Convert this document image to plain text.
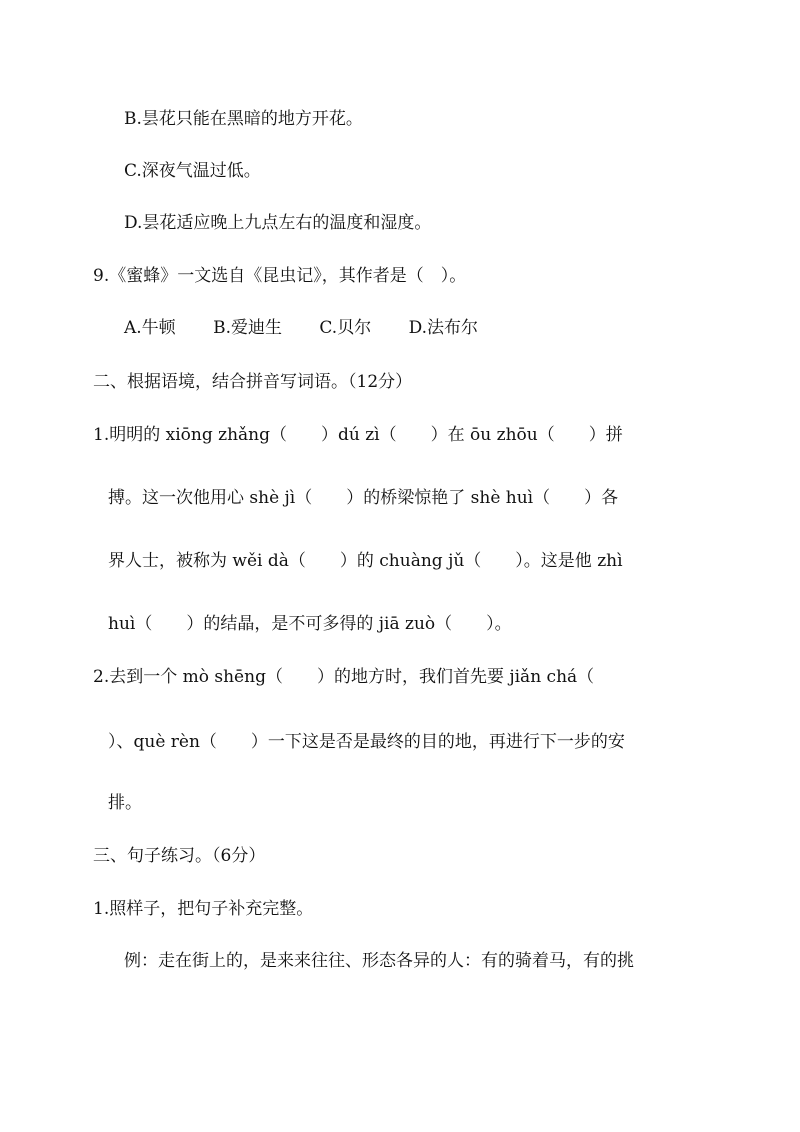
B.昙花只能在黑暗的地方开花。
C.深夜气温过低。
D.昙花适应晚上九点左右的温度和湿度。
9.《蜜蜂》一文选自《昆虫记》，其作者是（　）。
A.牛顿 B.爱迪生 C.贝尔 D.法布尔
二、根据语境，结合拼音写词语。（12分）
1.明明的 xiōng zhǎng（　　）dú zì（　　）在 ōu zhōu（　　）拼
搏。这一次他用心 shè jì（　　）的桥梁惊艳了 shè huì（　　）各
界人士，被称为 wěi dà（　　）的 chuàng jǔ（　　）。这是他 zhì
huì（　　）的结晶，是不可多得的 jiā zuò（　　）。
2.去到一个 mò shēng（　　）的地方时，我们首先要 jiǎn chá（
）、què rèn（　　）一下这是否是最终的目的地，再进行下一步的安
排。
三、句子练习。（6分）
1.照样子，把句子补充完整。
例：走在街上的，是来来往往、形态各异的人：有的骑着马，有的挑
